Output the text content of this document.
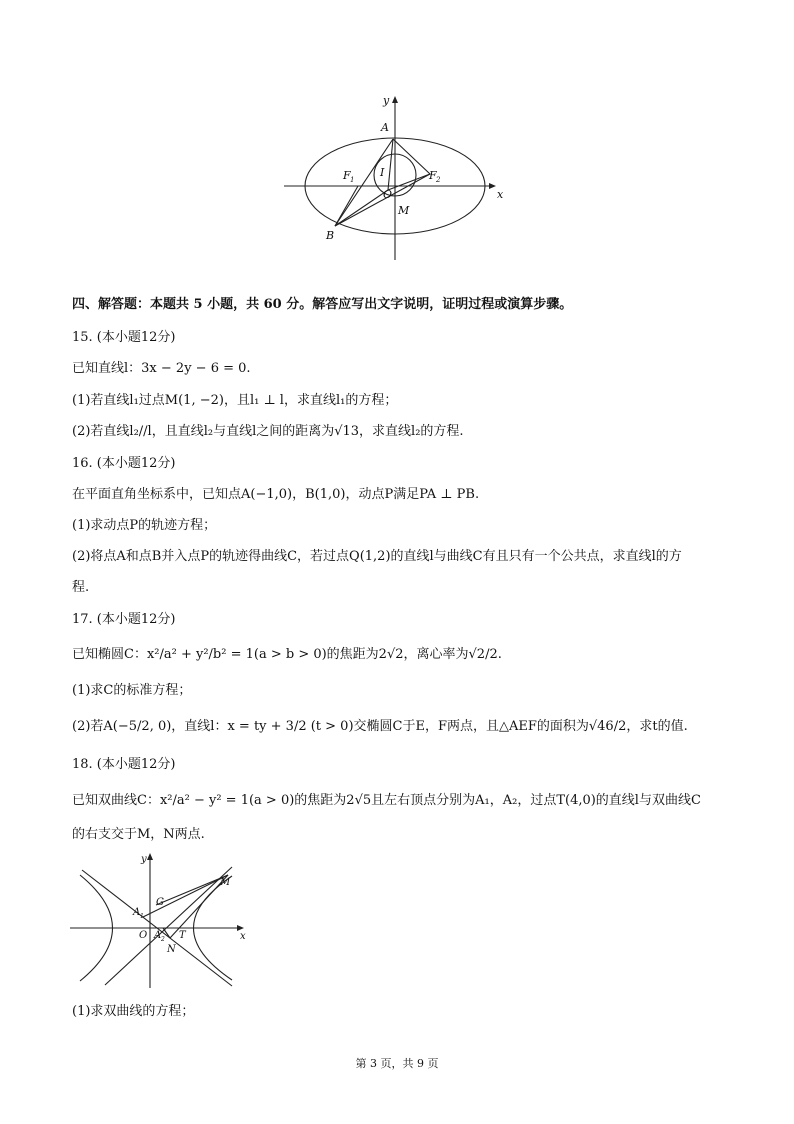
x
y
A
B
M
O
I
F 1	F 2
四、解答题：本题共 5 小题，共 60 分。解答应写出文字说明，证明过程或演算步骤。
15. (本小题12分)
已知直线l：3x − 2y − 6 = 0.
(1)若直线l₁过点M(1, −2)，且l₁ ⊥ l，求直线l₁的方程；
(2)若直线l₂//l，且直线l₂与直线l之间的距离为√13，求直线l₂的方程.
16. (本小题12分)
在平面直角坐标系中，已知点A(−1,0)，B(1,0)，动点P满足PA ⊥ PB.
(1)求动点P的轨迹方程；
(2)将点A和点B并入点P的轨迹得曲线C，若过点Q(1,2)的直线l与曲线C有且只有一个公共点，求直线l的方
程.
17. (本小题12分)
已知椭圆C：x²/a² + y²/b² = 1(a > b > 0)的焦距为2√2，离心率为√2/2.
(1)求C的标准方程；
(2)若A(−5/2, 0)，直线l：x = ty + 3/2 (t > 0)交椭圆C于E，F两点，且△AEF的面积为√46/2，求t的值.
18. (本小题12分)
已知双曲线C：x²/a² − y² = 1(a > 0)的焦距为2√5且左右顶点分别为A₁，A₂，过点T(4,0)的直线l与双曲线C
的右支交于M，N两点.
x
y
G
M
N
O	T
A 1
A 2
(1)求双曲线的方程；
第 3 页，共 9 页
